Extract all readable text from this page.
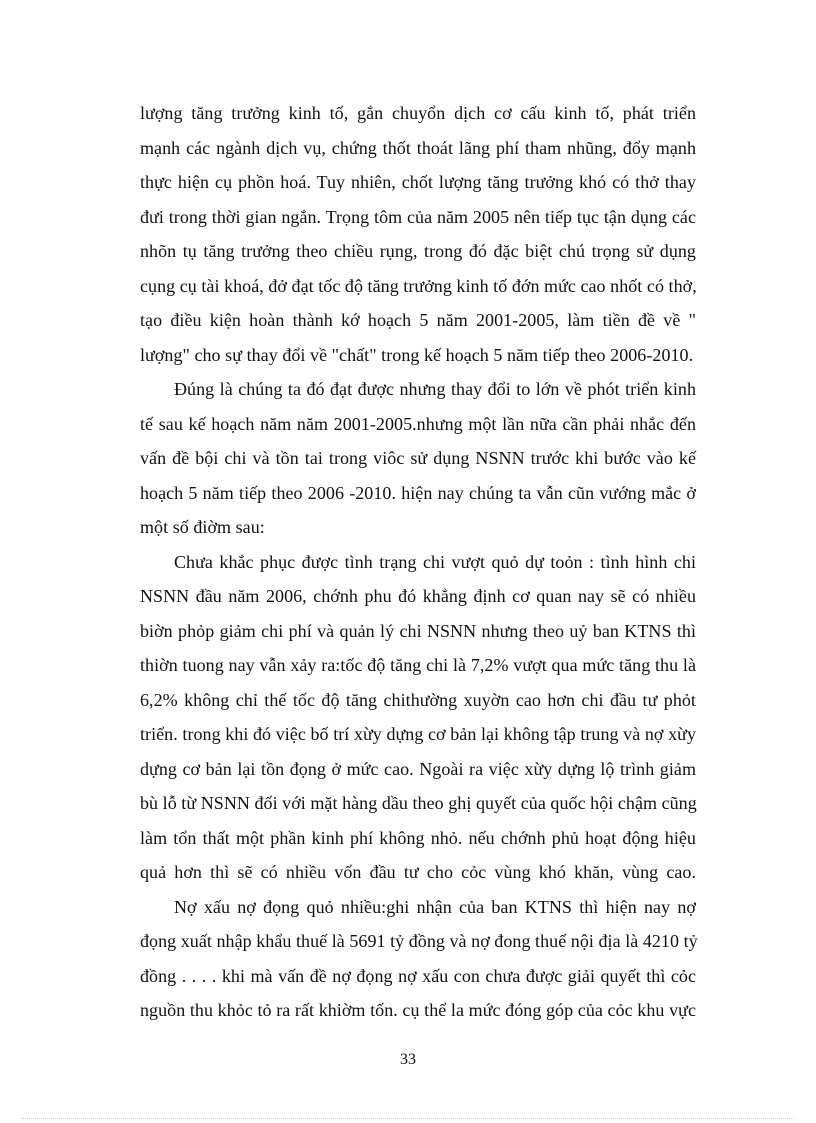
lượng tăng trưởng kinh tố, gắn chuyổn dịch cơ cấu kinh tố, phát triển
mạnh các ngành dịch vụ, chứng thốt thoát lãng phí tham nhũng, đổy mạnh
thực hiện cụ phồn hoá. Tuy nhiên, chốt lượng tăng trưởng khó có thở thay
đưi trong thời gian ngắn. Trọng tôm của năm 2005 nên tiếp tục tận dụng các
nhõn tụ tăng trưởng theo chiều rụng, trong đó đặc biệt chú trọng sử dụng
cụng cụ tài khoá, đở đạt tốc độ tăng trưởng kinh tố đớn mức cao nhốt có thở,
tạo điều kiện hoàn thành kớ hoạch 5 năm 2001-2005, làm tiền đề về "
lượng" cho sự thay đổi về "chất" trong kế hoạch 5 năm tiếp theo 2006-2010.
Đúng là chúng ta đó đạt được nhưng thay đổi to lớn về phót triển kinh
tế sau kế hoạch năm năm 2001-2005.nhưng một lần nữa cần phải nhắc đến
vấn đề bội chi và tồn tai trong viôc sử dụng NSNN trước khi bước vào kế
hoạch 5 năm tiếp theo 2006 -2010. hiện nay chúng ta vẫn cũn vướng mắc ở
một số điờm sau:
Chưa khắc phục được tình trạng chi vượt quỏ dự toỏn : tình hình chi
NSNN đầu năm 2006, chớnh phu đó khẳng định cơ quan nay sẽ có nhiều
biờn phỏp giảm chi phí và quản lý chi NSNN nhưng theo uỷ ban KTNS thì
thiờn tuong nay vẫn xảy ra:tốc độ tăng chi là 7,2% vượt qua mức tăng thu là
6,2% không chỉ thế tốc độ tăng chithường xuyờn cao hơn chi đầu tư phỏt
triển. trong khi đó việc bố trí xừy dựng cơ bản lại không tập trung và nợ xừy
dựng cơ bản lại tồn đọng ở mức cao. Ngoài ra việc xừy dựng lộ trình giảm
bù lỗ từ NSNN đối với mặt hàng dầu theo ghị quyết của quốc hội chậm cũng
làm tổn thất một phần kinh phí không nhỏ. nếu chớnh phủ hoạt động hiệu
quả hơn thì sẽ có nhiều vốn đầu tư cho cỏc vùng khó khăn, vùng cao.
Nợ xấu nợ đọng quỏ nhiều:ghi nhận của ban KTNS thì hiện nay nợ
đọng xuất nhập khẩu thuế là 5691 tỷ đồng và nợ đong thuế nội địa là 4210 tỷ
đồng . . . . khi mà vấn đề nợ đọng nợ xấu con chưa được giải quyết thì cỏc
nguồn thu khỏc tỏ ra rất khiờm tốn. cụ thể la mức đóng góp của cỏc khu vực
33
